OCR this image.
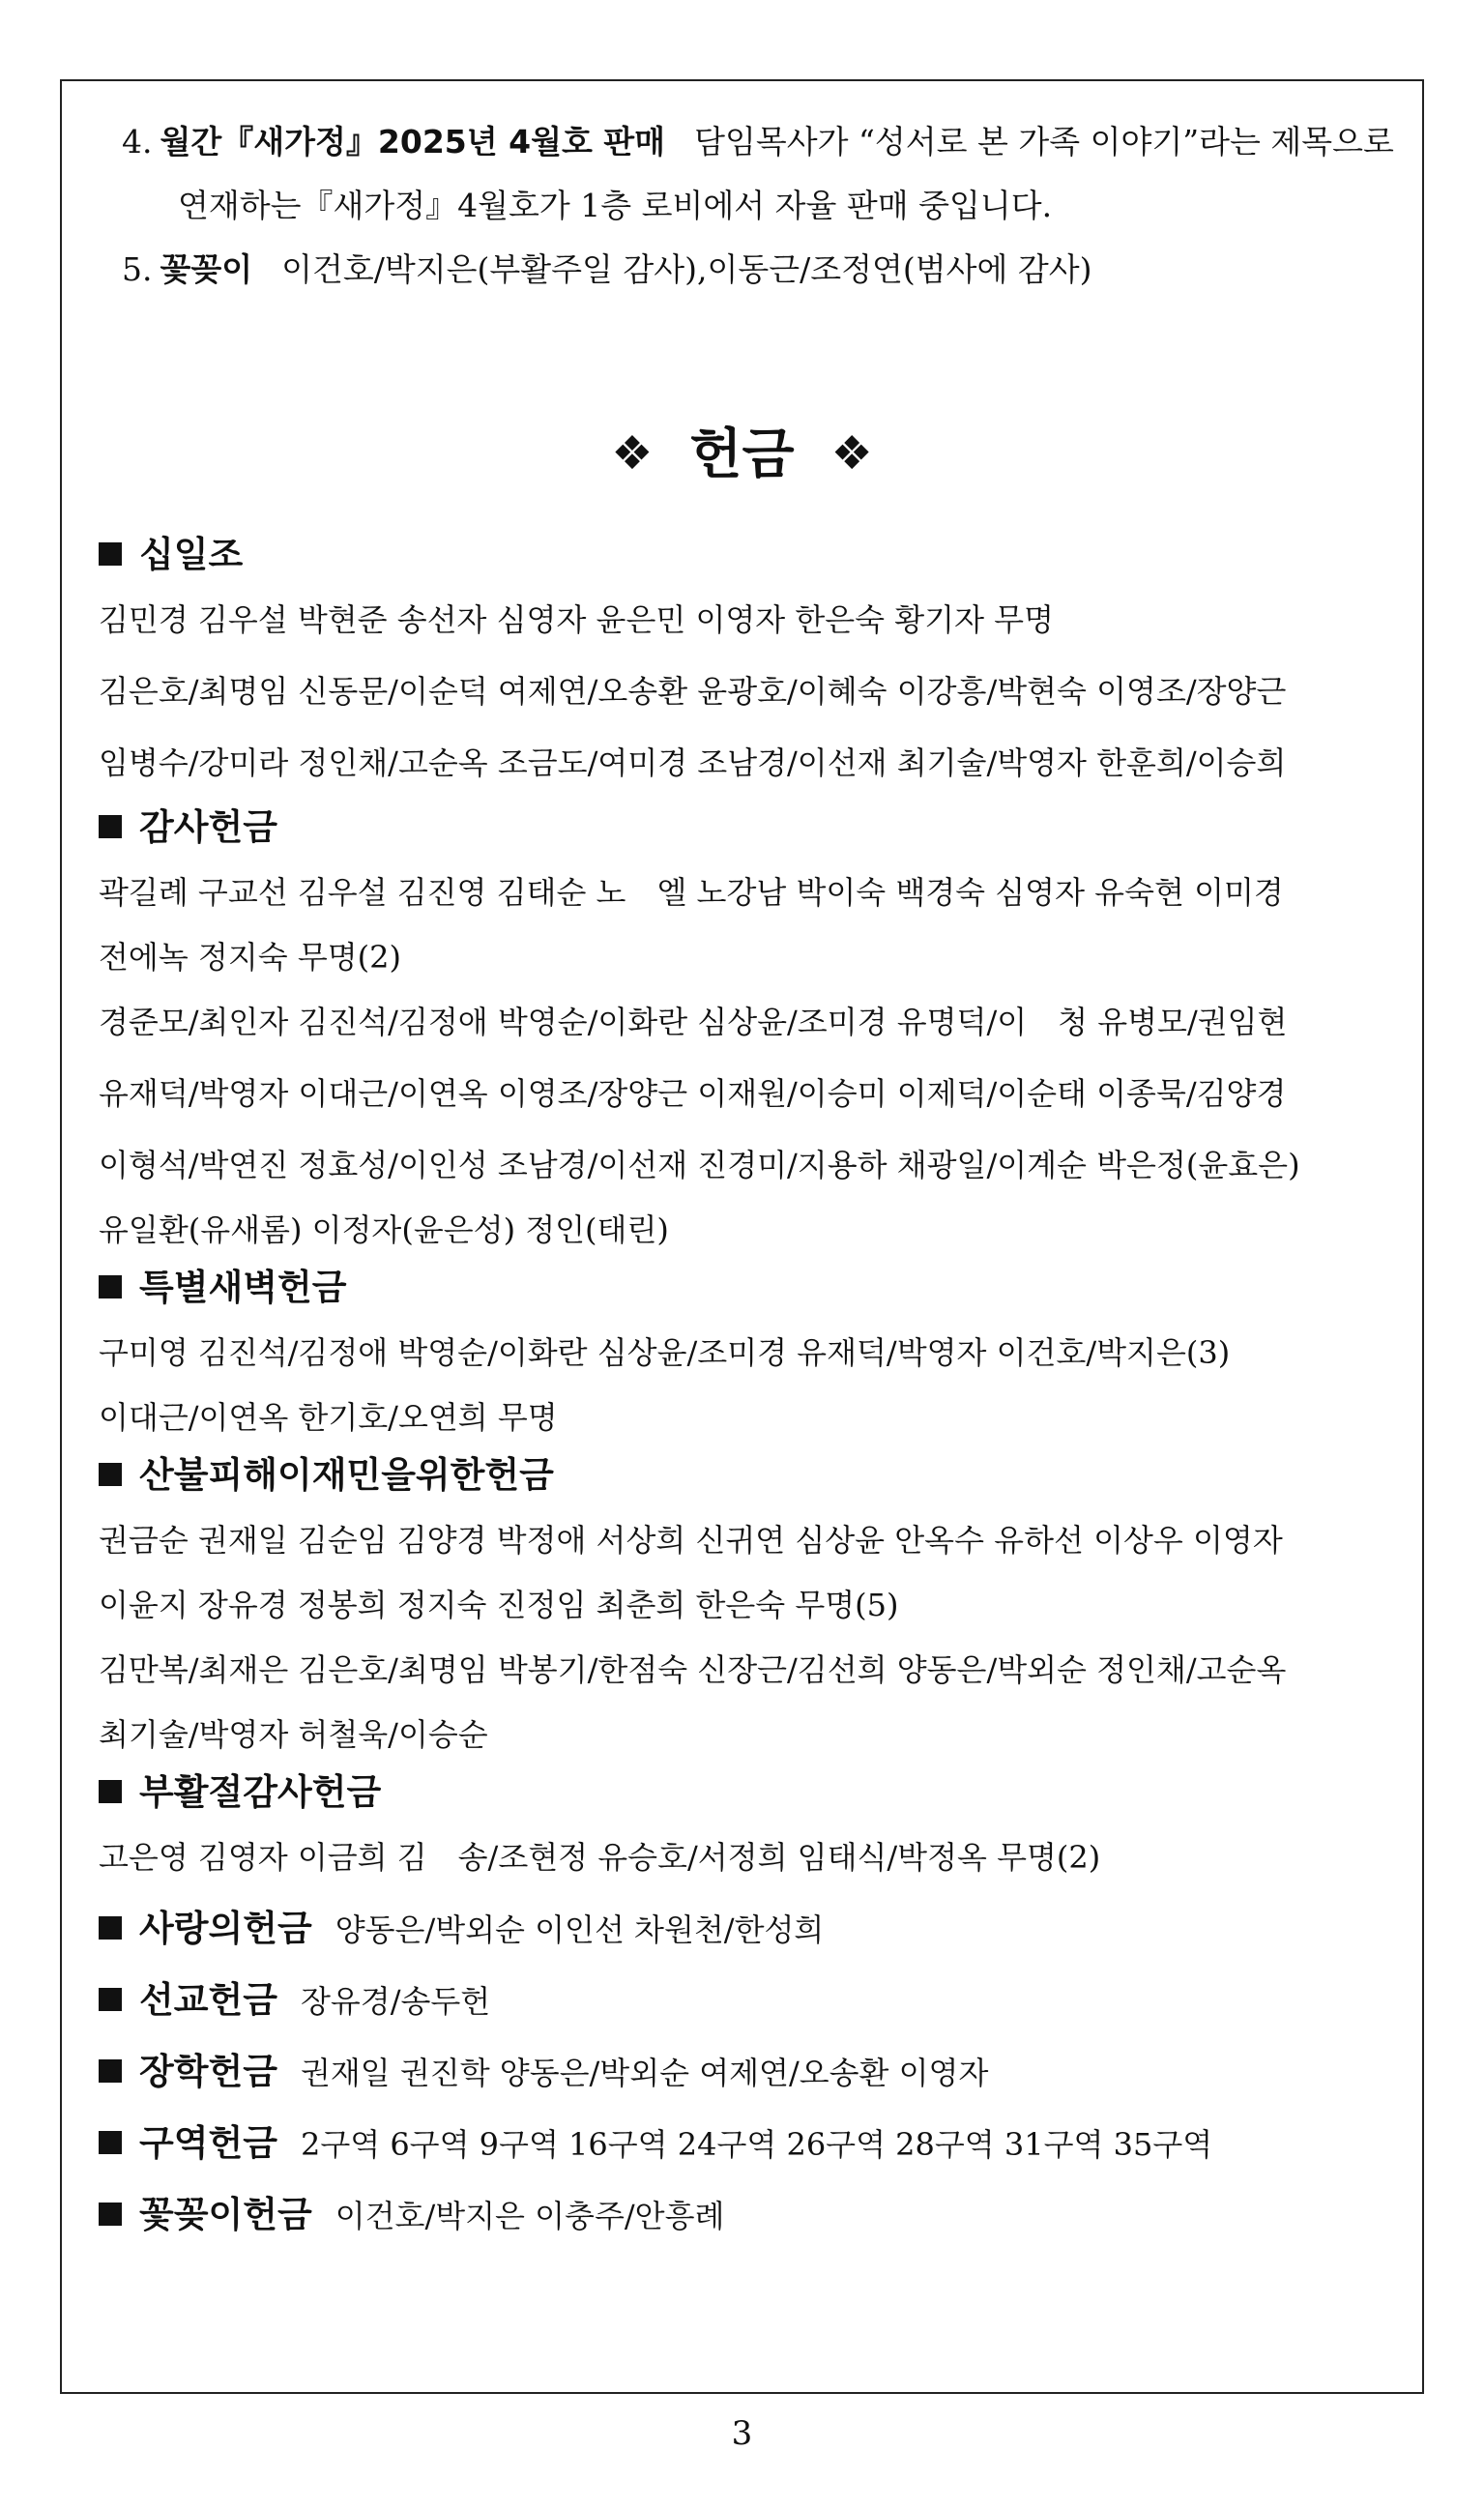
4. 월간『새가정』2025년 4월호 판매 담임목사가 “성서로 본 가족 이야기”라는 제목으로
연재하는『새가정』4월호가 1층 로비에서 자율 판매 중입니다.

5. 꽃꽂이 이건호/박지은(부활주일 감사),이동근/조정연(범사에 감사)

❖ 헌금 ❖

십일조

김민경 김우설 박현준 송선자 심영자 윤은민 이영자 한은숙 황기자 무명

김은호/최명임 신동문/이순덕 여제연/오송환 윤광호/이혜숙 이강흥/박현숙 이영조/장양근

임병수/강미라 정인채/고순옥 조금도/여미경 조남경/이선재 최기술/박영자 한훈희/이승희

감사헌금

곽길례 구교선 김우설 김진영 김태순 노　엘 노강남 박이숙 백경숙 심영자 유숙현 이미경

전에녹 정지숙 무명(2)

경준모/최인자 김진석/김정애 박영순/이화란 심상윤/조미경 유명덕/이　청 유병모/권임현

유재덕/박영자 이대근/이연옥 이영조/장양근 이재원/이승미 이제덕/이순태 이종묵/김양경

이형석/박연진 정효성/이인성 조남경/이선재 진경미/지용하 채광일/이계순 박은정(윤효은)

유일환(유새롬) 이정자(윤은성) 정인(태린)

특별새벽헌금

구미영 김진석/김정애 박영순/이화란 심상윤/조미경 유재덕/박영자 이건호/박지은(3)

이대근/이연옥 한기호/오연희 무명

산불피해이재민을위한헌금

권금순 권재일 김순임 김양경 박정애 서상희 신귀연 심상윤 안옥수 유하선 이상우 이영자

이윤지 장유경 정봉희 정지숙 진정임 최춘희 한은숙 무명(5)

김만복/최재은 김은호/최명임 박봉기/한점숙 신장근/김선희 양동은/박외순 정인채/고순옥

최기술/박영자 허철욱/이승순

부활절감사헌금

고은영 김영자 이금희 김　송/조현정 유승호/서정희 임태식/박정옥 무명(2)

사랑의헌금 양동은/박외순 이인선 차원천/한성희

선교헌금 장유경/송두헌

장학헌금 권재일 권진학 양동은/박외순 여제연/오송환 이영자

구역헌금 2구역 6구역 9구역 16구역 24구역 26구역 28구역 31구역 35구역

꽃꽂이헌금 이건호/박지은 이충주/안흥례

3
